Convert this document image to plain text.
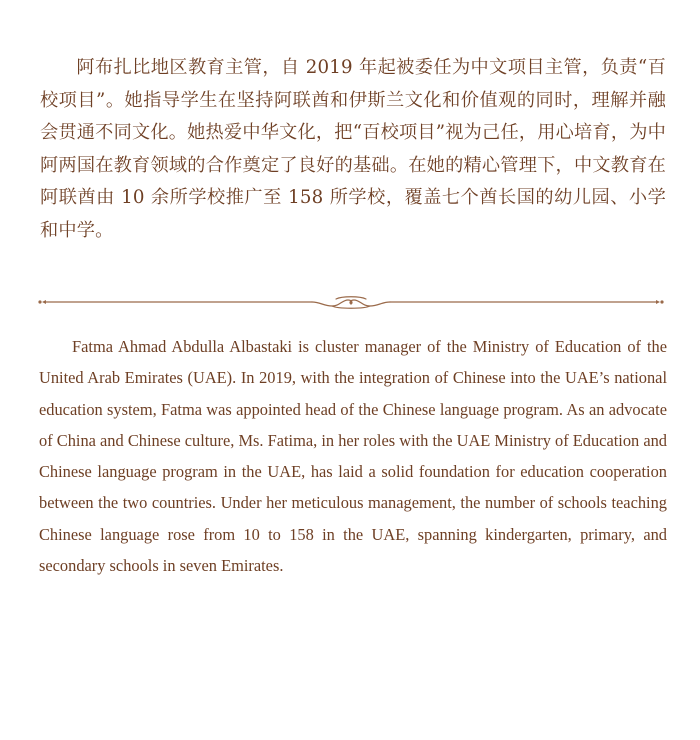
阿布扎比地区教育主管，自 2019 年起被委任为中文项目主管，负责“百校项目”。她指导学生在坚持阿联酋和伊斯兰文化和价值观的同时，理解并融会贯通不同文化。她热爱中华文化，把“百校项目”视为己任，用心培育，为中阿两国在教育领域的合作奠定了良好的基础。在她的精心管理下，中文教育在阿联酋由 10 余所学校推广至 158 所学校，覆盖七个酋长国的幼儿园、小学和中学。

Fatma Ahmad Abdulla Albastaki is cluster manager of the Ministry of Education of the United Arab Emirates (UAE). In 2019, with the integration of Chinese into the UAE’s national education system, Fatma was appointed head of the Chinese language program. As an advocate of China and Chinese culture, Ms. Fatima, in her roles with the UAE Ministry of Education and Chinese language program in the UAE, has laid a solid foundation for education cooperation between the two countries. Under her meticulous management, the number of schools teaching Chinese language rose from 10 to 158 in the UAE, spanning kindergarten, primary, and secondary schools in seven Emirates.
